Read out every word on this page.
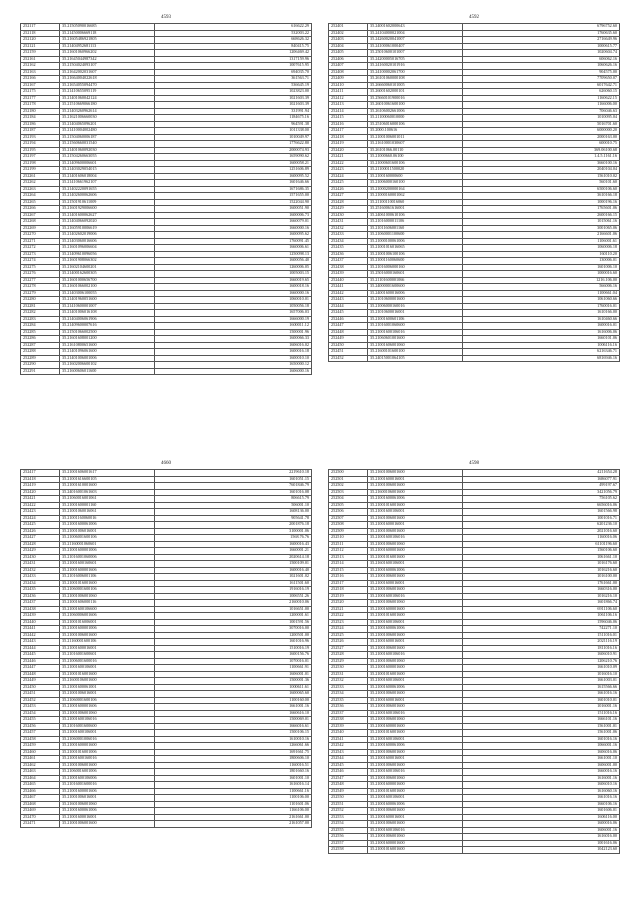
4593
252117	35.21505090016685	616622.29
252118	35.21450006669118	532003.22
252120	35.21605486921805	668626.32
252121	35.21404952681113	840415.75
252159	35.21601060966202	1206469.42
252161	35.21645044987342	1317159.96
252162	35.21504024093107	1007615.95
252163	35.21642002031607	694035.70
252166	35.21664004022618	361563.71
252167	35.21654055094470	536645.19
252175	35.21410655095119	1023823.00
252177	35.21401060042124	1021603.39
252178	35.21510669066180	1021603.39
252180	35.21403260962614	331991.94
252184	35.21621006660030	1184675.16
252186	35.21404065096201	964591.38
252187	35.21410004002480	1011338.00
252193	35.21504060006187	1010049.97
252194	35.21560660031540	1776622.80
252195	35.21401060092030	2000074.93
252197	35.21504260663055	1659090.62
252198	35.21409600006601	1600058.21
252199	35.21403029054015	1251606.89
252261	35.21401606018004	1600095.52
252262	35.21410661962107	1601646.66
252263	35.21402220091655	1671686.35
252264	35.21402600062606	1571655.00
252265	35.21501910611009	1522044.90
252266	35.21601929006600	1600051.90
252267	35.21401600062627	1600006.73
252268	35.21404066092020	1660079.01
252269	35.21605910006619	1660000.16
252270	35.21402602019006	1600095.62
252271	35.21403060016606	1760091.45
252272	35.21601096006604	1660006.61
252273	35.21409610096056	1250098.13
252274	35.21601908066302	1600056.40
252275	35.21602104600201	1260006.05
252276	35.21400162600305	1005003.15
252277	35.21601000656700	1660019.65
252278	35.21601066002100	1600018.16
252279	35.21403006100055	1660000.16
252280	35.21401960051600	1060010.01
252281	35.21410600001007	1050056.18
252282	35.21401006016108	1657006.03
252283	35.21404006061906	1666000.19
252284	35.21409600007616	1600011.12
252285	35.21501066002500	1500001.96
252286	35.21601608001200	1600066.33
252287	35.21610800651600	1606016.02
252288	35.21401096061600	1600016.18
252289	35.21401006001006	1600010.10
252290	35.21602006600102	1650000.12
252291	35.21600606011600	1606000.16
4592
252401	35.24001602000643	6796752.60
252402	35.24104000021004	1760635.60
252403	35.24260020041007	2716649.96
252404	35.24100061000407	1000615.77
252405	35.25010600101007	1020604.74
252406	35.24200005016705	606062.16
252407	35.24160020101916	1060626.16
252408	35.24100002061700	904575.00
252409	35.26101060000108	7709650.07
252410	35.26660060101005	6017642.71
252411	35.26001602000101	626060.15
252412	35.25660101900016	1160622.15
252413	35.26010061600100	1166006.00
252414	35.26106002661006	706046.63
252415	35.21100060010000	1010095.04
252416	35.25106016000106	5016701.60
252417	35.2000.100616	6000000.20
252418	35.21001006001011	2000163.00
252419	35.21610001030607	600010.75
252420	35.26101066.00110	369.06100.68
252421	35.21000660.06100	1.4.5.1161.16
252422	35.21000601600106	3660100.16
252423	35.21100011500020	2040104.04
252424	35.2100160000600	1561010.02
252425	35.21006000160100	560101.60
252426	35.21000200000164	6500106.60
252427	35.21000160001062	3610166.18
252428	35.21100110016060	1000196.16
252429	35.25160061616001	1765601.06
252430	35.24061000610106	2600166.15
252431	35.21016000011106	1015061.16
252432	35.21011606001160	3001065.06
252433	35.21060001100600	2166601.06
252434	35.21000100061006	1106001.61
252435	35.21001016016065	1060006.18
252436	35.21001006100106	160110.20
252437	35.21001160060600	130006.01
252438	35.21016006000160	1601006.10
252439	35.25016000160601	1000016.60
252440	35.21101600001066	1216.106.00
252441	35.24000001600600	566006.16
252442	35.24001600016006	1100661.04
252443	35.21010600001600	1061060.66
252444	35.21006000160016	1760016.01
252445	35.21010600016001	1610166.00
252446	35.21001600601106	1610460.66
252447	35.21016001060600	1600016.01
252448	35.21001600106016	1616006.06
252449	35.21060601001600	1660101.06
252450	35.21001606001060	1006116.16
252451	35.21600101600100	6216346.71
252452	35.24015001064105	6816946.16
4660
252417	35.21001606001617	2219610.18
252418	35.21001616600105	1601051.15
252419	35.21001610001600	7601846.79
252420	35.24016001061603	1601016.08
252421	35.21060016001061	806615.79
252422	35.21001600001160	506001.10
252423	35.21001060016061	1608136.00
252424	35.21001160060016	905641.78
252425	35.21001600061006	2001876.18
252426	35.21001006016001	3100001.06
252427	35.21006001600106	1568.76.76
252428	35.21160001060601	1600016.43
252429	35.21001600001006	1660001.21
252430	35.21016001060006	2020614.18
252431	35.21001600160601	1500109.01
252432	35.21001600001606	1600016.40
252433	35.21016006001106	1021601.02
252434	35.21001016001600	1611501.60
252435	35.21060001600106	1916016.19
252436	35.21001006001060	1006551.26
252437	35.21001606000116	2160010.06
252438	35.21001600106600	1016651.00
252439	35.21060006001606	1200001.61
252440	35.21001016006001	1001591.56
252441	35.21001600001006	3070016.00
252442	35.21001006001600	1200501.00
252443	35.21160001600106	1601016.96
252444	35.21001600016001	1510016.19
252445	35.21016001600601	1600156.76
252446	35.21006001600016	1070016.01
252447	35.21001600106001	1100661.91
252448	35.21001016001600	1606001.01
252449	35.21600106001600	1500001.36
252450	35.21001600061001	1000611.61
252451	35.21001006016001	1600065.60
252452	35.21060001600106	1100160.00
252453	35.21001600001606	1661001.16
252454	35.21001006001060	1660616.10
252455	35.21001600106016	1500069.01
252456	35.21016001600600	1666016.61
252457	35.21001600106001	1500106.15
252458	35.21060001006016	1610010.16
252459	35.21001600001600	1266061.66
252460	35.21001016001006	1691661.75
252461	35.21001600160016	1800606.10
252462	35.21001006001600	1160016.51
252463	35.21060016001006	1801660.16
252464	35.21001600106006	1601001.10
252465	35.21016001600016	1616016.14
252466	35.21001600001606	1100661.16
252467	35.21001006016001	1100106.00
252468	35.21601006001060	1101601.06
252469	35.21001600061006	1166106.00
252470	35.21001600016001	2161661.00
252471	35.21001006001600	2161057.00
4598
252500	35.21601006001600	4211654.28
252501	35.21001600016001	1686077.91
252502	35.21001006001600	499197.67
252503	35.21600106001600	3421056.79
252504	35.21001600061006	756105.62
252505	35.21001016001600	6656016.06
252506	35.21001600106001	1601566.98
252507	35.21601006001600	1001016.71
252508	35.21001600016001	6201236.10
252509	35.21001006001600	2021016.60
252510	35.21001600106016	1160016.06
252511	35.21001006001060	61101196.60
252512	35.21001600001600	1560106.60
252513	35.21001016001600	1061661.10
252514	35.21601600106001	1016176.60
252515	35.21001600061006	1016216.60
252516	35.21001006001600	1016100.00
252517	35.21001600016001	1761661.00
252518	35.21001006001600	1660316.00
252519	35.21001600106016	1016216.10
252520	35.21001006001060	1601866.74
252521	35.21001600001600	6911106.60
252522	35.21001016001600	1061106.16
252523	35.21001600106001	1596046.06
252524	35.21001600061006	742271.10
252525	35.21001006001600	1511016.01
252526	35.21001600016001	2021116.19
252527	35.21001006001600	1811016.16
252528	35.21001600106016	1606010.91
252529	35.21001006001060	1206210.76
252530	35.21001600001600	1661010.09
252531	35.21001016001600	1016016.10
252532	35.21001600106001	1661003.01
252533	35.21001600061006	1615566.66
252534	35.21001006001600	1661016.16
252535	35.21001600016001	1601010.01
252536	35.21001006001600	1016001.16
252537	35.21001600106016	1511016.16
252538	35.21001006001060	1666101.16
252539	35.21001600001600	1561001.01
252540	35.21001016001600	1561001.06
252541	35.21001600106001	1601016.16
252542	35.21001600061006	1066001.16
252543	35.21001006001600	1606016.06
252544	35.21001600016001	1661001.10
252545	35.21001006001600	1606001.00
252546	35.21001600106016	1660016.16
252547	35.21001006001060	1616001.16
252548	35.21001600001600	1606010.16
252549	35.21001016001600	1616060.16
252550	35.21001600106001	1661016.16
252551	35.21001600061006	1660106.16
252552	35.21001006001600	1601606.01
252553	35.21001600016001	1606116.00
252554	35.21001006001600	1600016.06
252555	35.21001600106016	1606001.16
252556	35.21001006001060	1616016.00
252557	35.21001600001600	1001616.06
252558	35.21001016001600	1042123.60
